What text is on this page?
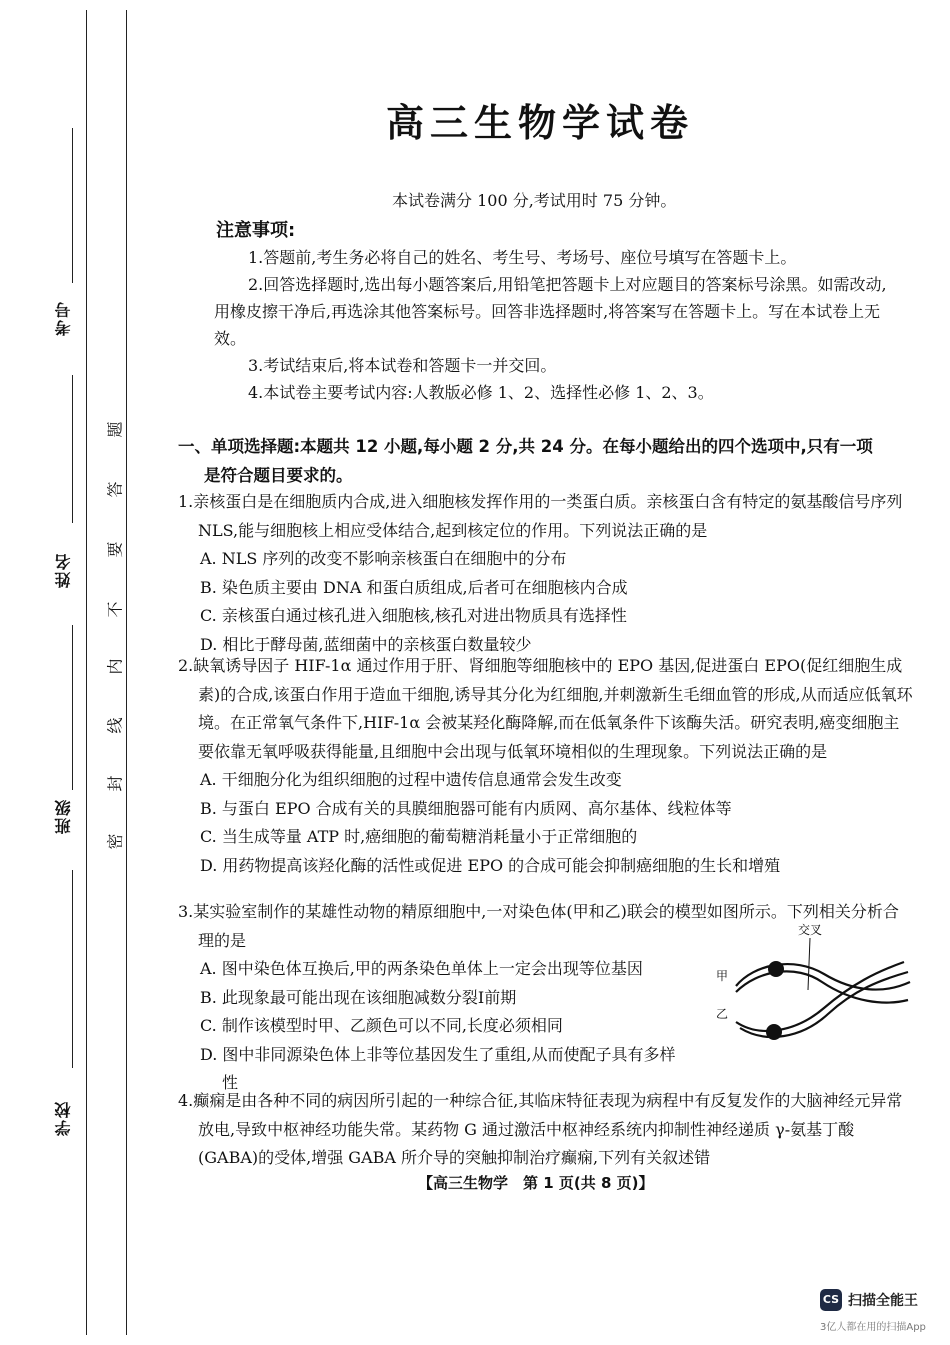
考号
姓名
班级
学校
题
答
要
不
内
线
封
密
高三生物学试卷
本试卷满分 100 分,考试用时 75 分钟。
注意事项:

1.答题前,考生务必将自己的姓名、考生号、考场号、座位号填写在答题卡上。

2.回答选择题时,选出每小题答案后,用铅笔把答题卡上对应题目的答案标号涂黑。如需改动,用橡皮擦干净后,再选涂其他答案标号。回答非选择题时,将答案写在答题卡上。写在本试卷上无效。

3.考试结束后,将本试卷和答题卡一并交回。

4.本试卷主要考试内容:人教版必修 1、2、选择性必修 1、2、3。

一、单项选择题:本题共 12 小题,每小题 2 分,共 24 分。在每小题给出的四个选项中,只有一项
是符合题目要求的。

1.亲核蛋白是在细胞质内合成,进入细胞核发挥作用的一类蛋白质。亲核蛋白含有特定的氨基酸信号序列 NLS,能与细胞核上相应受体结合,起到核定位的作用。下列说法正确的是

A. NLS 序列的改变不影响亲核蛋白在细胞中的分布

B. 染色质主要由 DNA 和蛋白质组成,后者可在细胞核内合成

C. 亲核蛋白通过核孔进入细胞核,核孔对进出物质具有选择性

D. 相比于酵母菌,蓝细菌中的亲核蛋白数量较少

2.缺氧诱导因子 HIF-1α 通过作用于肝、肾细胞等细胞核中的 EPO 基因,促进蛋白 EPO(促红细胞生成素)的合成,该蛋白作用于造血干细胞,诱导其分化为红细胞,并刺激新生毛细血管的形成,从而适应低氧环境。在正常氧气条件下,HIF-1α 会被某羟化酶降解,而在低氧条件下该酶失活。研究表明,癌变细胞主要依靠无氧呼吸获得能量,且细胞中会出现与低氧环境相似的生理现象。下列说法正确的是

A. 干细胞分化为组织细胞的过程中遗传信息通常会发生改变

B. 与蛋白 EPO 合成有关的具膜细胞器可能有内质网、高尔基体、线粒体等

C. 当生成等量 ATP 时,癌细胞的葡萄糖消耗量小于正常细胞的

D. 用药物提高该羟化酶的活性或促进 EPO 的合成可能会抑制癌细胞的生长和增殖

3.某实验室制作的某雄性动物的精原细胞中,一对染色体(甲和乙)联会的模型如图所示。下列相关分析合理的是

A. 图中染色体互换后,甲的两条染色单体上一定会出现等位基因

B. 此现象最可能出现在该细胞减数分裂Ⅰ前期

C. 制作该模型时甲、乙颜色可以不同,长度必须相同

D. 图中非同源染色体上非等位基因发生了重组,从而使配子具有多样性

交叉
甲
乙

4.癫痫是由各种不同的病因所引起的一种综合征,其临床特征表现为病程中有反复发作的大脑神经元异常放电,导致中枢神经功能失常。某药物 G 通过激活中枢神经系统内抑制性神经递质 γ-氨基丁酸(GABA)的受体,增强 GABA 所介导的突触抑制治疗癫痫,下列有关叙述错

【高三生物学　第 1 页(共 8 页)】
CS 扫描全能王
3亿人都在用的扫描App
